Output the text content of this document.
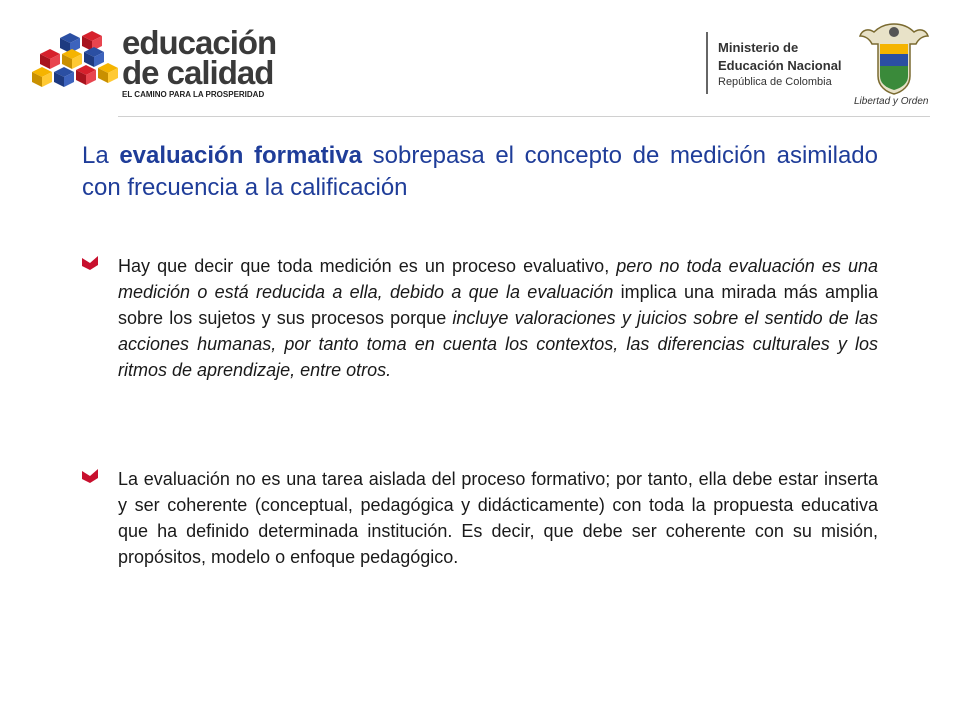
educación
de calidad
EL CAMINO PARA LA PROSPERIDAD
Ministerio de
Educación Nacional
República de Colombia
Libertad y Orden
La evaluación formativa sobrepasa el concepto de medición asimilado con frecuencia a la calificación
Hay que decir que toda medición es un proceso evaluativo, pero no toda evaluación es una medición o está reducida a ella, debido a que la evaluación implica una mirada más amplia sobre los sujetos y sus procesos porque incluye valoraciones y juicios sobre el sentido de las acciones humanas, por tanto toma en cuenta los contextos, las diferencias culturales y los ritmos de aprendizaje, entre otros.
La evaluación no es una tarea aislada del proceso formativo; por tanto, ella debe estar inserta y ser coherente (conceptual, pedagógica y didácticamente) con toda la propuesta educativa que ha definido determinada institución. Es decir, que debe ser coherente con su misión, propósitos, modelo o enfoque pedagógico.
